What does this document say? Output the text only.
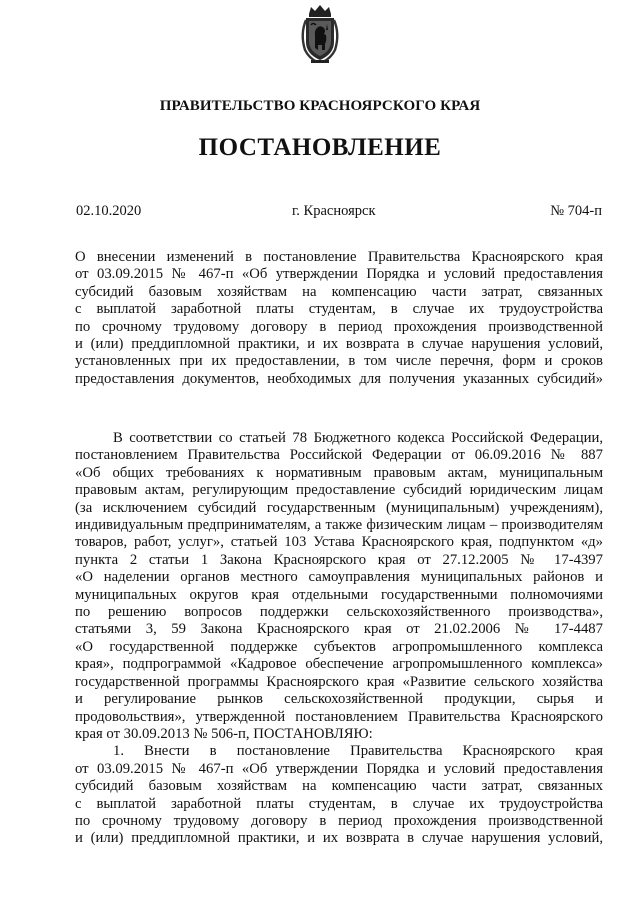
ПРАВИТЕЛЬСТВО КРАСНОЯРСКОГО КРАЯ
ПОСТАНОВЛЕНИЕ
02.10.2020	г. Красноярск	№ 704-п
О внесении изменений в постановление Правительства Красноярского края
от 03.09.2015 № 467-п «Об утверждении Порядка и условий предоставления
субсидий базовым хозяйствам на компенсацию части затрат, связанных
с выплатой заработной платы студентам, в случае их трудоустройства
по срочному трудовому договору в период прохождения производственной
и (или) преддипломной практики, и их возврата в случае нарушения условий,
установленных при их предоставлении, в том числе перечня, форм и сроков
предоставления документов, необходимых для получения указанных субсидий»
В соответствии со статьей 78 Бюджетного кодекса Российской Федерации,
постановлением Правительства Российской Федерации от 06.09.2016 № 887
«Об общих требованиях к нормативным правовым актам, муниципальным
правовым актам, регулирующим предоставление субсидий юридическим лицам
(за исключением субсидий государственным (муниципальным) учреждениям),
индивидуальным предпринимателям, а также физическим лицам – производителям
товаров, работ, услуг», статьей 103 Устава Красноярского края, подпунктом «д»
пункта 2 статьи 1 Закона Красноярского края от 27.12.2005 № 17-4397
«О наделении органов местного самоуправления муниципальных районов и
муниципальных округов края отдельными государственными полномочиями
по решению вопросов поддержки сельскохозяйственного производства»,
статьями 3, 59 Закона Красноярского края от 21.02.2006 № 17-4487
«О государственной поддержке субъектов агропромышленного комплекса
края», подпрограммой «Кадровое обеспечение агропромышленного комплекса»
государственной программы Красноярского края «Развитие сельского хозяйства
и регулирование рынков сельскохозяйственной продукции, сырья и
продовольствия», утвержденной постановлением Правительства Красноярского
края от 30.09.2013 № 506-п, ПОСТАНОВЛЯЮ:
1. Внести в постановление Правительства Красноярского края
от 03.09.2015 № 467-п «Об утверждении Порядка и условий предоставления
субсидий базовым хозяйствам на компенсацию части затрат, связанных
с выплатой заработной платы студентам, в случае их трудоустройства
по срочному трудовому договору в период прохождения производственной
и (или) преддипломной практики, и их возврата в случае нарушения условий,
